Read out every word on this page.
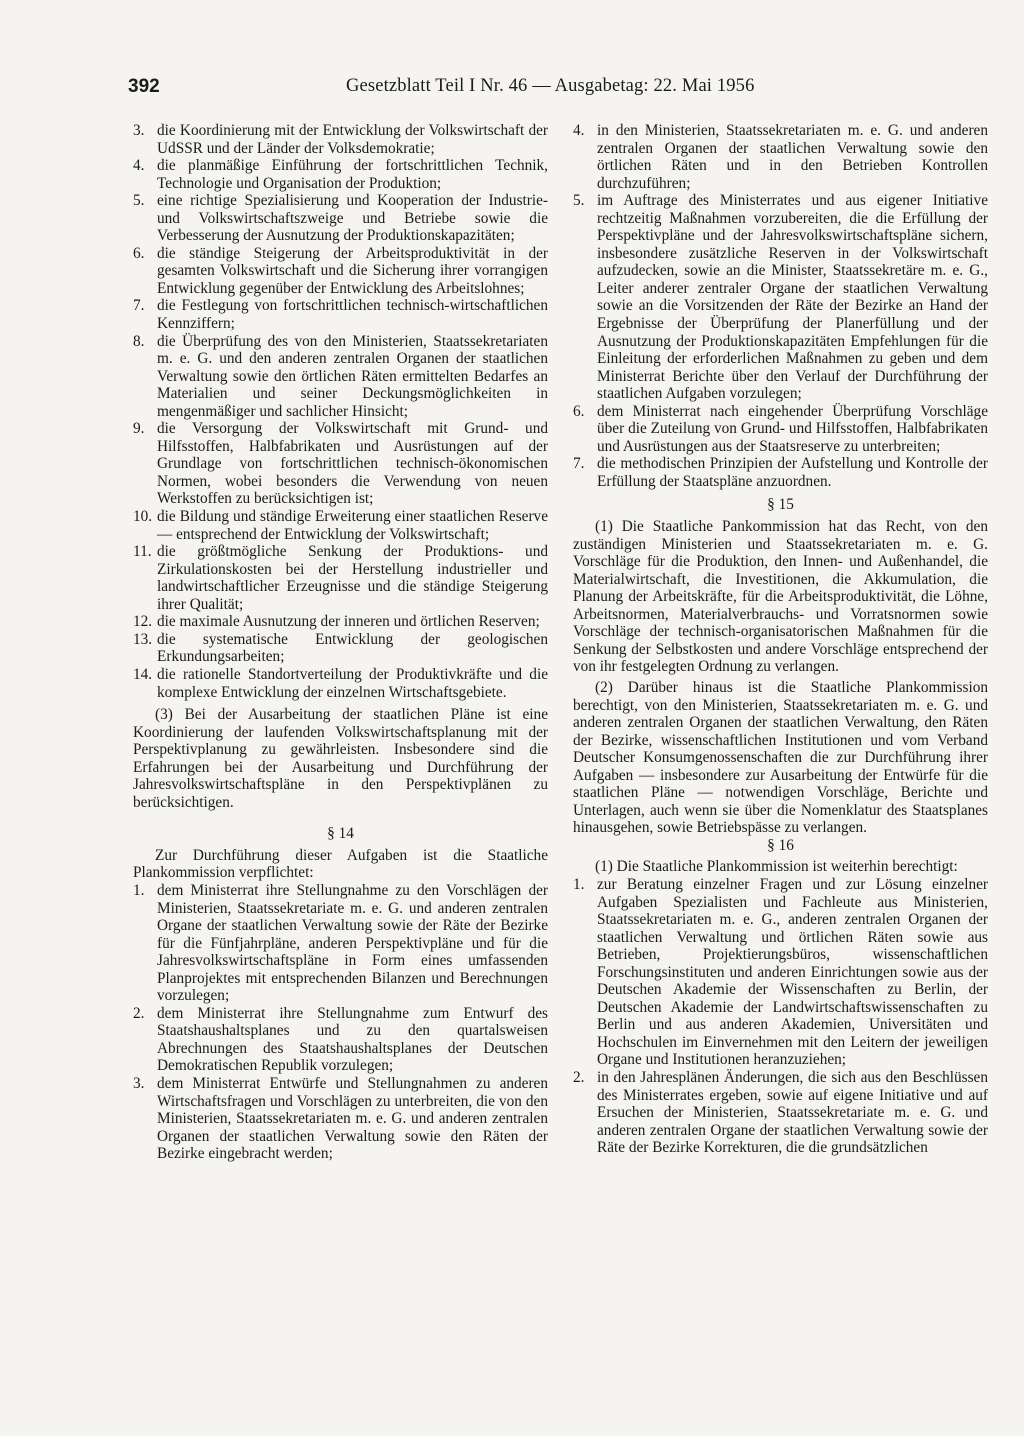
392	Gesetzblatt Teil I Nr. 46 — Ausgabetag: 22. Mai 1956
3. die Koordinierung mit der Entwicklung der Volkswirtschaft der UdSSR und der Länder der Volksdemokratie;
4. die planmäßige Einführung der fortschrittlichen Technik, Technologie und Organisation der Produktion;
5. eine richtige Spezialisierung und Kooperation der Industrie- und Volkswirtschaftszweige und Betriebe sowie die Verbesserung der Ausnutzung der Produktionskapazitäten;
6. die ständige Steigerung der Arbeitsproduktivität in der gesamten Volkswirtschaft und die Sicherung ihrer vorrangigen Entwicklung gegenüber der Entwicklung des Arbeitslohnes;
7. die Festlegung von fortschrittlichen technisch-wirtschaftlichen Kennziffern;
8. die Überprüfung des von den Ministerien, Staatssekretariaten m. e. G. und den anderen zentralen Organen der staatlichen Verwaltung sowie den örtlichen Räten ermittelten Bedarfes an Materialien und seiner Deckungsmöglichkeiten in mengenmäßiger und sachlicher Hinsicht;
9. die Versorgung der Volkswirtschaft mit Grund- und Hilfsstoffen, Halbfabrikaten und Ausrüstungen auf der Grundlage von fortschrittlichen technisch-ökonomischen Normen, wobei besonders die Verwendung von neuen Werkstoffen zu berücksichtigen ist;
10. die Bildung und ständige Erweiterung einer staatlichen Reserve — entsprechend der Entwicklung der Volkswirtschaft;
11. die größtmögliche Senkung der Produktions- und Zirkulationskosten bei der Herstellung industrieller und landwirtschaftlicher Erzeugnisse und die ständige Steigerung ihrer Qualität;
12. die maximale Ausnutzung der inneren und örtlichen Reserven;
13. die systematische Entwicklung der geologischen Erkundungsarbeiten;
14. die rationelle Standortverteilung der Produktivkräfte und die komplexe Entwicklung der einzelnen Wirtschaftsgebiete.

(3) Bei der Ausarbeitung der staatlichen Pläne ist eine Koordinierung der laufenden Volkswirtschaftsplanung mit der Perspektivplanung zu gewährleisten. Insbesondere sind die Erfahrungen bei der Ausarbeitung und Durchführung der Jahresvolkswirtschaftspläne in den Perspektivplänen zu berücksichtigen.

§ 14

Zur Durchführung dieser Aufgaben ist die Staatliche Plankommission verpflichtet:

1. dem Ministerrat ihre Stellungnahme zu den Vorschlägen der Ministerien, Staatssekretariate m. e. G. und anderen zentralen Organe der staatlichen Verwaltung sowie der Räte der Bezirke für die Fünfjahrpläne, anderen Perspektivpläne und für die Jahresvolkswirtschaftspläne in Form eines umfassenden Planprojektes mit entsprechenden Bilanzen und Berechnungen vorzulegen;
2. dem Ministerrat ihre Stellungnahme zum Entwurf des Staatshaushaltsplanes und zu den quartalsweisen Abrechnungen des Staatshaushaltsplanes der Deutschen Demokratischen Republik vorzulegen;
3. dem Ministerrat Entwürfe und Stellungnahmen zu anderen Wirtschaftsfragen und Vorschlägen zu unterbreiten, die von den Ministerien, Staatssekretariaten m. e. G. und anderen zentralen Organen der staatlichen Verwaltung sowie den Räten der Bezirke eingebracht werden;
4. in den Ministerien, Staatssekretariaten m. e. G. und anderen zentralen Organen der staatlichen Verwaltung sowie den örtlichen Räten und in den Betrieben Kontrollen durchzuführen;
5. im Auftrage des Ministerrates und aus eigener Initiative rechtzeitig Maßnahmen vorzubereiten, die die Erfüllung der Perspektivpläne und der Jahresvolkswirtschaftspläne sichern, insbesondere zusätzliche Reserven in der Volkswirtschaft aufzudecken, sowie an die Minister, Staatssekretäre m. e. G., Leiter anderer zentraler Organe der staatlichen Verwaltung sowie an die Vorsitzenden der Räte der Bezirke an Hand der Ergebnisse der Überprüfung der Planerfüllung und der Ausnutzung der Produktionskapazitäten Empfehlungen für die Einleitung der erforderlichen Maßnahmen zu geben und dem Ministerrat Berichte über den Verlauf der Durchführung der staatlichen Aufgaben vorzulegen;
6. dem Ministerrat nach eingehender Überprüfung Vorschläge über die Zuteilung von Grund- und Hilfsstoffen, Halbfabrikaten und Ausrüstungen aus der Staatsreserve zu unterbreiten;
7. die methodischen Prinzipien der Aufstellung und Kontrolle der Erfüllung der Staatspläne anzuordnen.
§ 15

(1) Die Staatliche Pankommission hat das Recht, von den zuständigen Ministerien und Staatssekretariaten m. e. G. Vorschläge für die Produktion, den Innen- und Außenhandel, die Materialwirtschaft, die Investitionen, die Akkumulation, die Planung der Arbeitskräfte, für die Arbeitsproduktivität, die Löhne, Arbeitsnormen, Materialverbrauchs- und Vorratsnormen sowie Vorschläge der technisch-organisatorischen Maßnahmen für die Senkung der Selbstkosten und andere Vorschläge entsprechend der von ihr festgelegten Ordnung zu verlangen.

(2) Darüber hinaus ist die Staatliche Plankommission berechtigt, von den Ministerien, Staatssekretariaten m. e. G. und anderen zentralen Organen der staatlichen Verwaltung, den Räten der Bezirke, wissenschaftlichen Institutionen und vom Verband Deutscher Konsumgenossenschaften die zur Durchführung ihrer Aufgaben — insbesondere zur Ausarbeitung der Entwürfe für die staatlichen Pläne — notwendigen Vorschläge, Berichte und Unterlagen, auch wenn sie über die Nomenklatur des Staatsplanes hinausgehen, sowie Betriebspässe zu verlangen.

§ 16

(1) Die Staatliche Plankommission ist weiterhin berechtigt:

1. zur Beratung einzelner Fragen und zur Lösung einzelner Aufgaben Spezialisten und Fachleute aus Ministerien, Staatssekretariaten m. e. G., anderen zentralen Organen der staatlichen Verwaltung und örtlichen Räten sowie aus Betrieben, Projektierungsbüros, wissenschaftlichen Forschungsinstituten und anderen Einrichtungen sowie aus der Deutschen Akademie der Wissenschaften zu Berlin, der Deutschen Akademie der Landwirtschaftswissenschaften zu Berlin und aus anderen Akademien, Universitäten und Hochschulen im Einvernehmen mit den Leitern der jeweiligen Organe und Institutionen heranzuziehen;
2. in den Jahresplänen Änderungen, die sich aus den Beschlüssen des Ministerrates ergeben, sowie auf eigene Initiative und auf Ersuchen der Ministerien, Staatssekretariate m. e. G. und anderen zentralen Organe der staatlichen Verwaltung sowie der Räte der Bezirke Korrekturen, die die grundsätzlichen
